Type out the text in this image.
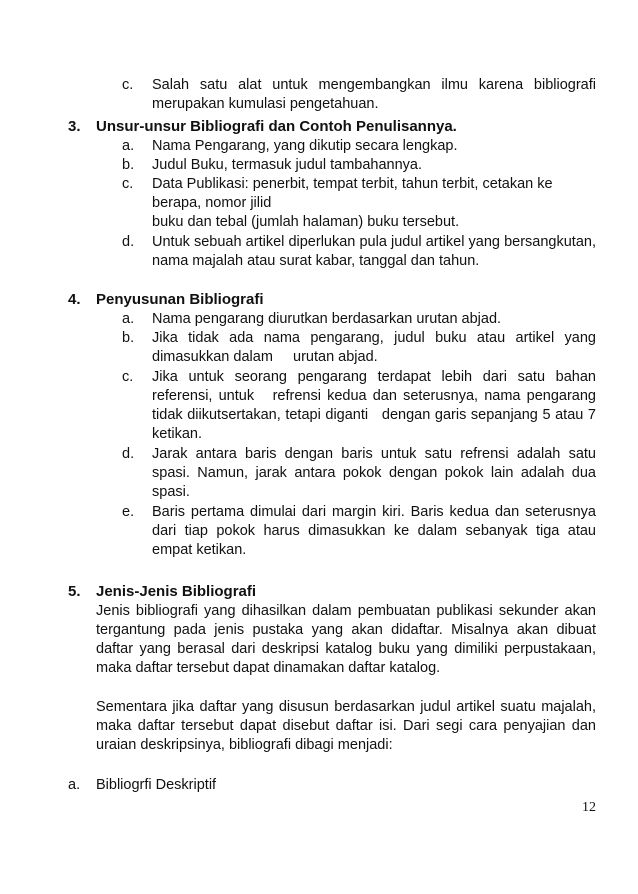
c.	Salah satu alat untuk mengembangkan ilmu karena bibliografi merupakan kumulasi pengetahuan.
3. Unsur-unsur Bibliografi dan Contoh Penulisannya.
a.	Nama Pengarang, yang dikutip secara lengkap.
b.	Judul Buku, termasuk judul tambahannya.
c.	Data Publikasi: penerbit, tempat terbit, tahun terbit, cetakan ke berapa, nomor jilid
buku dan tebal (jumlah halaman) buku tersebut.
d.	Untuk sebuah artikel diperlukan pula judul artikel yang bersangkutan, nama majalah atau surat kabar, tanggal dan tahun.
4. Penyusunan Bibliografi
a.	Nama pengarang diurutkan berdasarkan urutan abjad.
b.	Jika tidak ada nama pengarang, judul buku atau artikel yang dimasukkan dalam     urutan abjad.
c.	Jika untuk seorang pengarang terdapat lebih dari satu bahan referensi, untuk   refrensi kedua dan seterusnya, nama pengarang tidak diikutsertakan, tetapi diganti   dengan garis sepanjang 5 atau 7 ketikan.
d.	Jarak antara baris dengan baris untuk satu refrensi adalah satu spasi. Namun, jarak antara pokok dengan pokok lain adalah dua spasi.
e.	Baris pertama dimulai dari margin kiri. Baris kedua dan seterusnya dari tiap pokok harus dimasukkan ke dalam sebanyak tiga atau empat ketikan.
5. Jenis-Jenis Bibliografi
Jenis bibliografi yang dihasilkan dalam pembuatan publikasi sekunder akan tergantung pada jenis pustaka yang akan didaftar. Misalnya akan dibuat daftar yang berasal dari deskripsi katalog buku yang dimiliki perpustakaan, maka daftar tersebut dapat dinamakan daftar katalog.
Sementara jika daftar yang disusun berdasarkan judul artikel suatu majalah, maka daftar tersebut dapat disebut daftar isi. Dari segi cara penyajian dan uraian deskripsinya, bibliografi dibagi menjadi:
a. Bibliogrfi Deskriptif
12
